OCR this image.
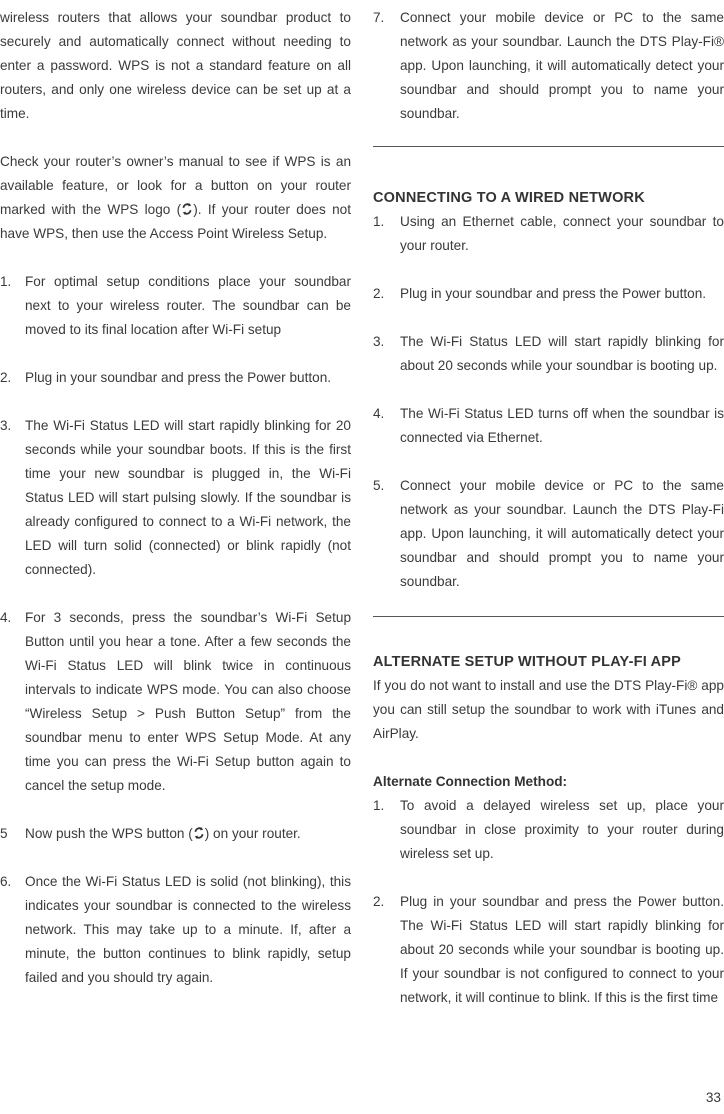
wireless routers that allows your soundbar product to securely and automatically connect without needing to enter a password. WPS is not a standard feature on all routers, and only one wireless device can be set up at a time.

Check your router’s owner’s manual to see if WPS is an available feature, or look for a button on your router marked with the WPS logo ( ). If your router does not have WPS, then use the Access Point Wireless Setup.

1.	For optimal setup conditions place your soundbar next to your wireless router. The soundbar can be moved to its final location after Wi-Fi setup
2.	Plug in your soundbar and press the Power button.
3.	The Wi-Fi Status LED will start rapidly blinking for 20 seconds while your soundbar boots. If this is the first time your new soundbar is plugged in, the Wi-Fi Status LED will start pulsing slowly. If the soundbar is already configured to connect to a Wi-Fi network, the LED will turn solid (connected) or blink rapidly (not connected).
4.	For 3 seconds, press the soundbar’s Wi-Fi Setup Button until you hear a tone. After a few seconds the Wi-Fi Status LED will blink twice in continuous intervals to indicate WPS mode. You can also choose “Wireless Setup > Push Button Setup” from the soundbar menu to enter WPS Setup Mode. At any time you can press the Wi-Fi Setup button again to cancel the setup mode.
5	Now push the WPS button ( ) on your router.
6.	Once the Wi-Fi Status LED is solid (not blinking), this indicates your soundbar is connected to the wireless network. This may take up to a minute. If, after a minute, the button continues to blink rapidly, setup failed and you should try again.
7.	Connect your mobile device or PC to the same network as your soundbar. Launch the DTS Play-Fi® app. Upon launching, it will automatically detect your soundbar and should prompt you to name your soundbar.

CONNECTING TO A WIRED NETWORK

1.	Using an Ethernet cable, connect your soundbar to your router.
2.	Plug in your soundbar and press the Power button.
3.	The Wi-Fi Status LED will start rapidly blinking for about 20 seconds while your soundbar is booting up.
4.	The Wi-Fi Status LED turns off when the soundbar is connected via Ethernet.
5.	Connect your mobile device or PC to the same network as your soundbar. Launch the DTS Play-Fi app. Upon launching, it will automatically detect your soundbar and should prompt you to name your soundbar.

ALTERNATE SETUP WITHOUT PLAY-FI APP

If you do not want to install and use the DTS Play-Fi® app you can still setup the soundbar to work with iTunes and AirPlay.

Alternate Connection Method:

1.	To avoid a delayed wireless set up, place your soundbar in close proximity to your router during wireless set up.
2.	Plug in your soundbar and press the Power button. The Wi-Fi Status LED will start rapidly blinking for about 20 seconds while your soundbar is booting up. If your soundbar is not configured to connect to your network, it will continue to blink. If this is the first time
33
